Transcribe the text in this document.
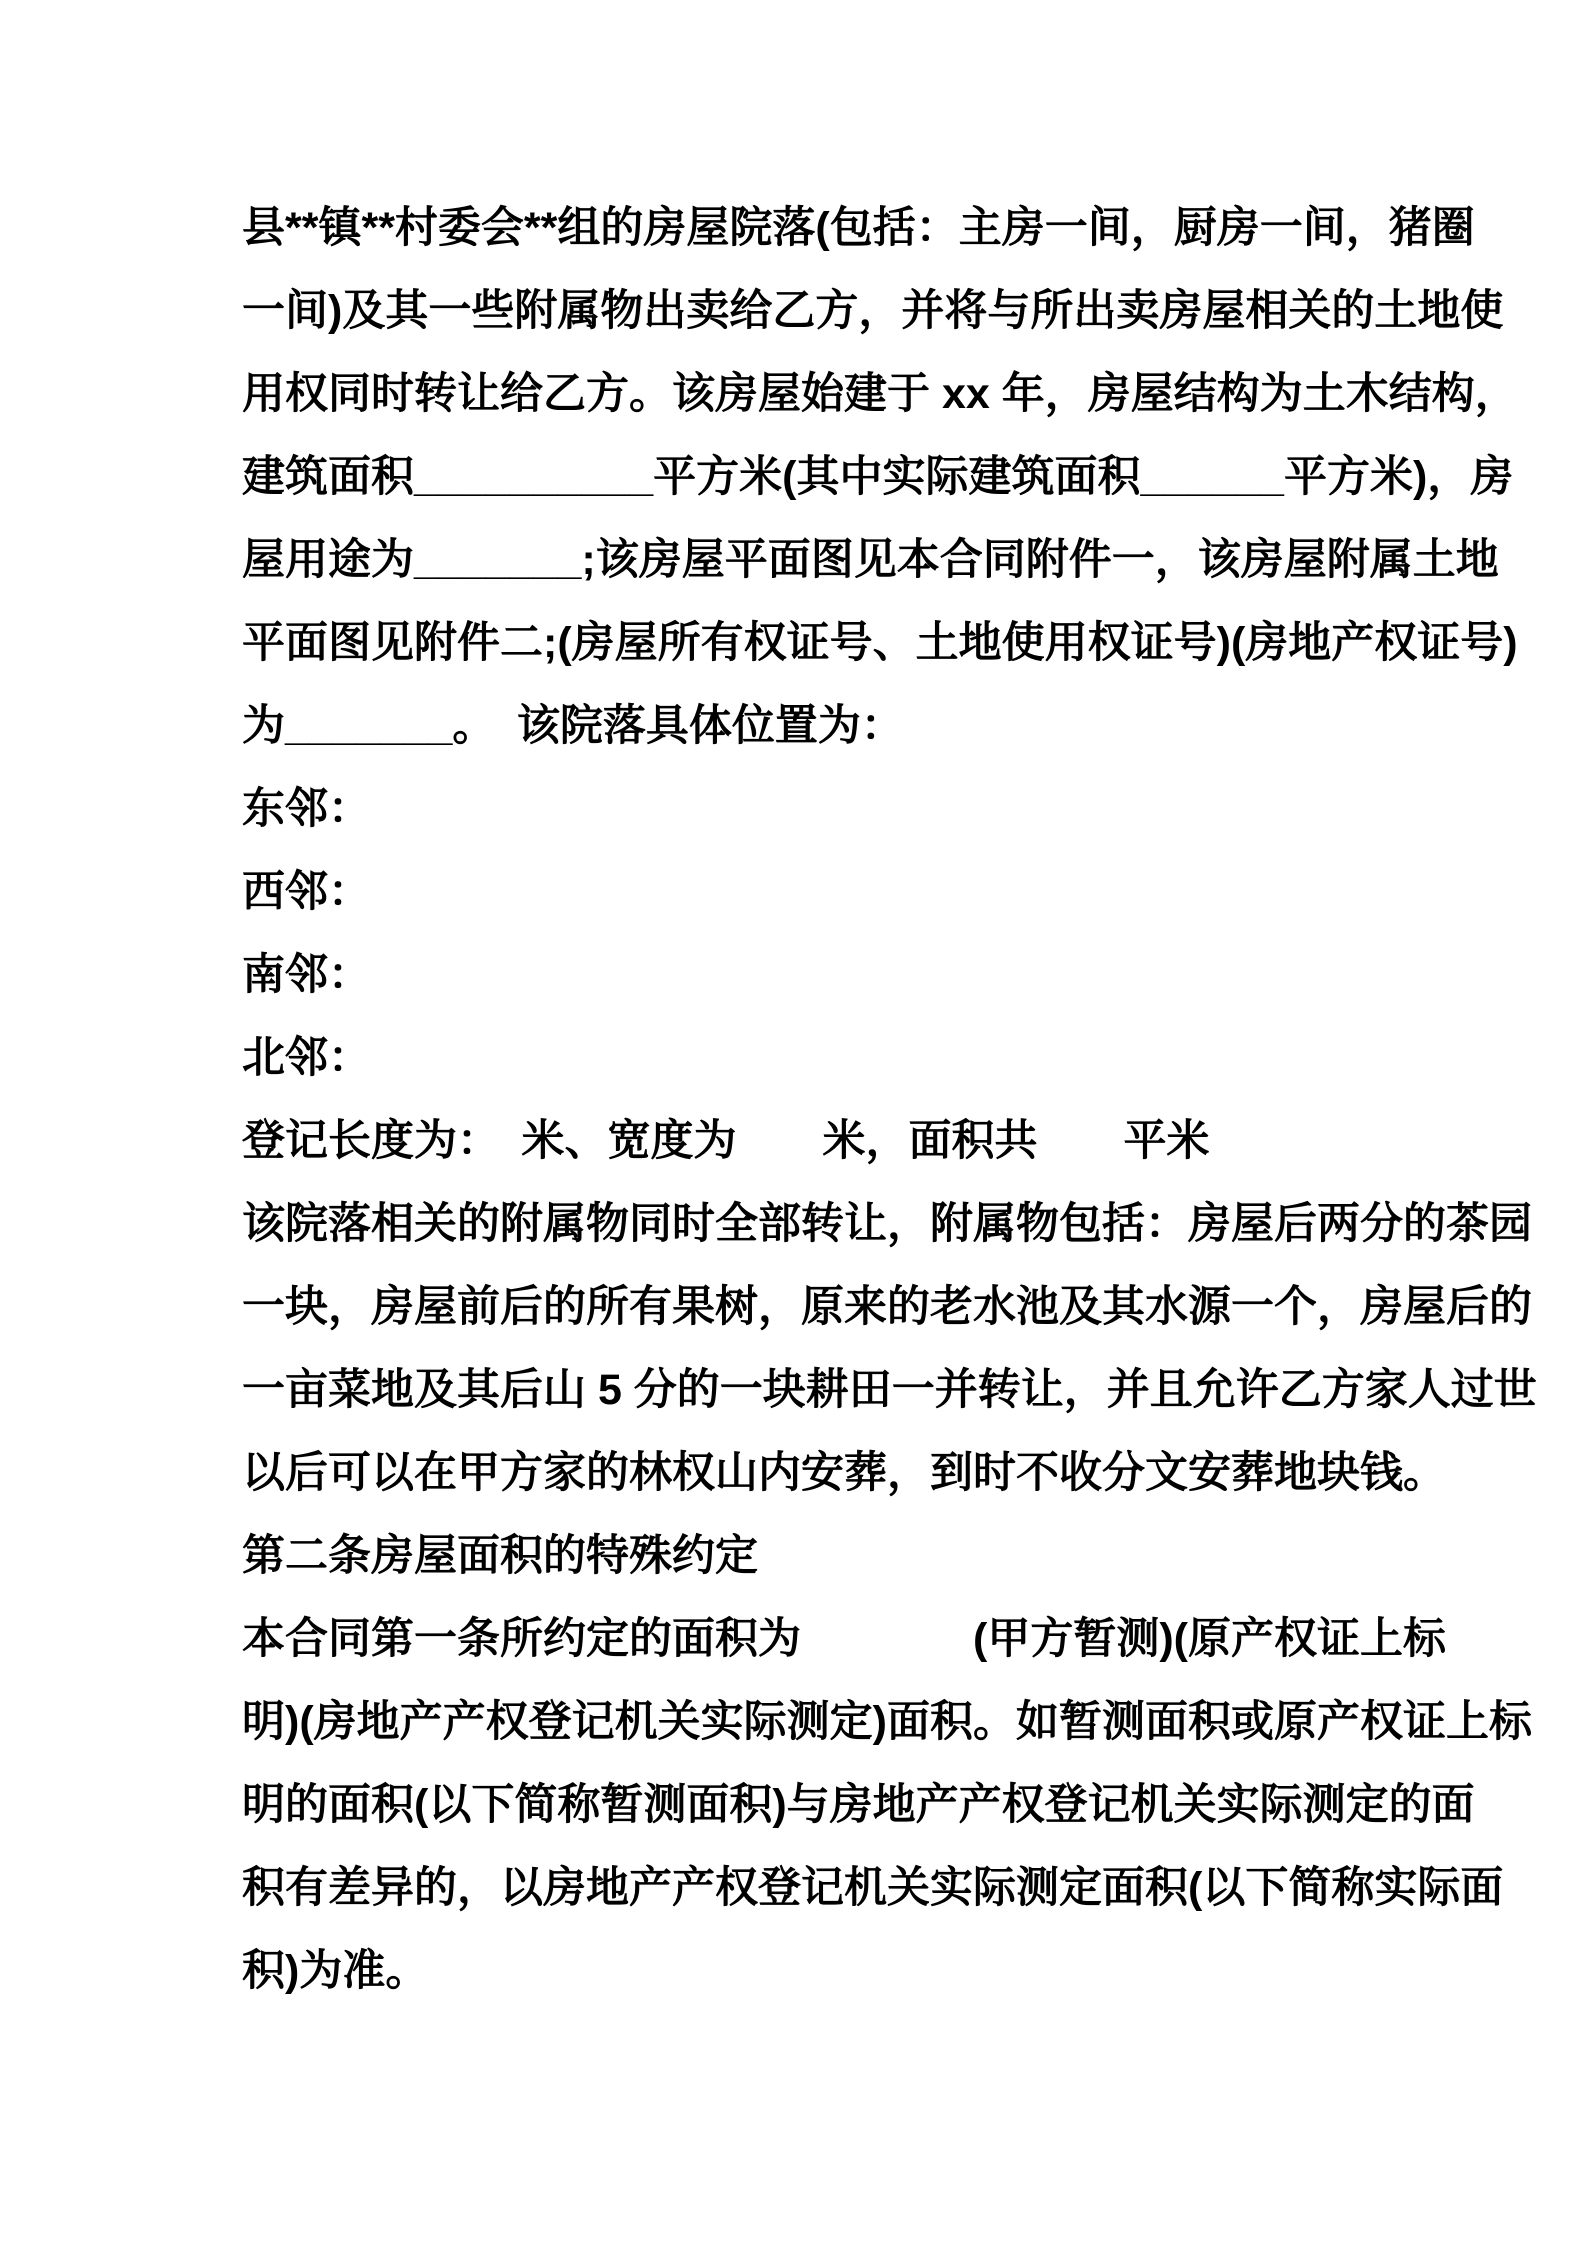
县**镇**村委会**组的房屋院落(包括：主房一间，厨房一间，猪圈
一间)及其一些附属物出卖给乙方，并将与所出卖房屋相关的土地使
用权同时转让给乙方。该房屋始建于 xx 年，房屋结构为土木结构，
建筑面积__________平方米(其中实际建筑面积______平方米)，房
屋用途为_______;该房屋平面图见本合同附件一，该房屋附属土地
平面图见附件二;(房屋所有权证号、土地使用权证号)(房地产权证号)
为_______。　该院落具体位置为：
东邻：
西邻：
南邻：
北邻：
登记长度为：　米、宽度为　　米，面积共　　平米
该院落相关的附属物同时全部转让，附属物包括：房屋后两分的茶园
一块，房屋前后的所有果树，原来的老水池及其水源一个，房屋后的
一亩菜地及其后山 5 分的一块耕田一并转让，并且允许乙方家人过世
以后可以在甲方家的林权山内安葬，到时不收分文安葬地块钱。
第二条房屋面积的特殊约定
本合同第一条所约定的面积为　　　　(甲方暂测)(原产权证上标
明)(房地产产权登记机关实际测定)面积。如暂测面积或原产权证上标
明的面积(以下简称暂测面积)与房地产产权登记机关实际测定的面
积有差异的，以房地产产权登记机关实际测定面积(以下简称实际面
积)为准。
